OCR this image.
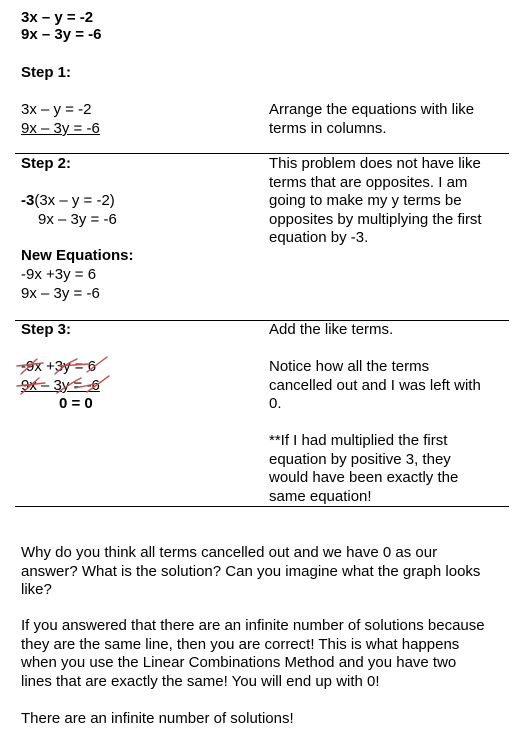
3x – y = -2
9x – 3y = -6
Step 1:
3x – y = -2
9x – 3y = -6
Arrange the equations with like
terms in columns.
Step 2:
-3(3x – y = -2)
9x – 3y = -6
New Equations:
-9x +3y = 6
9x – 3y = -6
This problem does not have like
terms that are opposites. I am
going to make my y terms be
opposites by multiplying the first
equation by -3.
Step 3:
-9x +3y = 6
9x – 3y = -6
0 = 0
Add the like terms.
Notice how all the terms
cancelled out and I was left with
0.
**If I had multiplied the first
equation by positive 3, they
would have been exactly the
same equation!
Why do you think all terms cancelled out and we have 0 as our
answer? What is the solution? Can you imagine what the graph looks
like?
If you answered that there are an infinite number of solutions because
they are the same line, then you are correct! This is what happens
when you use the Linear Combinations Method and you have two
lines that are exactly the same! You will end up with 0!
There are an infinite number of solutions!
